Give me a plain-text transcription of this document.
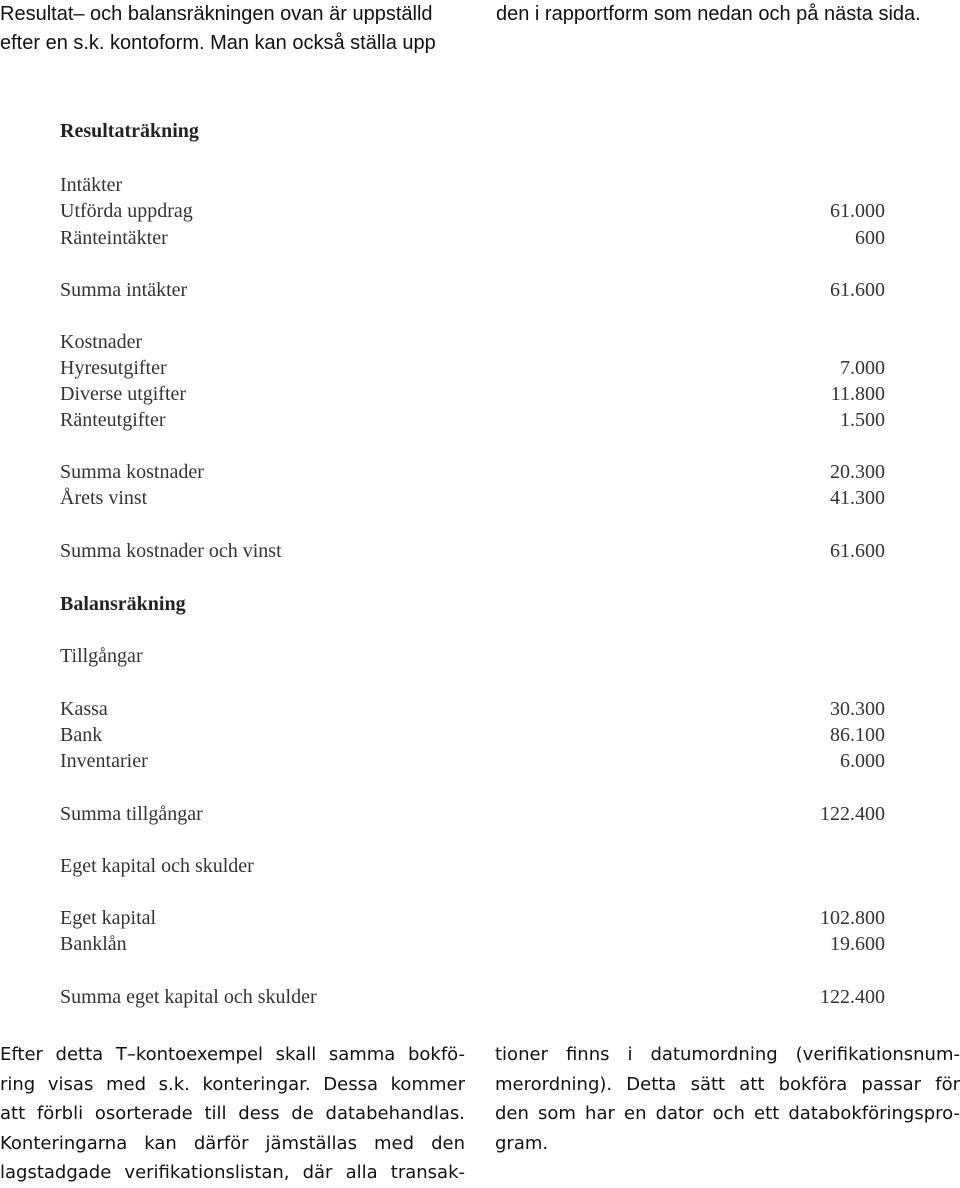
Resultat– och balansräkningen ovan är uppställd
efter en s.k. kontoform. Man kan också ställa upp
den i rapportform som nedan och på nästa sida.
Resultaträkning
Intäkter
Utförda uppdrag	61.000
Ränteintäkter	600
Summa intäkter	61.600
Kostnader
Hyresutgifter	7.000
Diverse utgifter	11.800
Ränteutgifter	1.500
Summa kostnader	20.300
Årets vinst	41.300
Summa kostnader och vinst	61.600
Balansräkning
Tillgångar
Kassa	30.300
Bank	86.100
Inventarier	6.000
Summa tillgångar	122.400
Eget kapital och skulder
Eget kapital	102.800
Banklån	19.600
Summa eget kapital och skulder	122.400
Efter detta T–kontoexempel skall samma bokfö-
ring visas med s.k. konteringar. Dessa kommer
att förbli osorterade till dess de databehandlas.
Konteringarna kan därför jämställas med den
lagstadgade verifikationslistan, där alla transak-
tioner finns i datumordning (verifikationsnum-
merordning). Detta sätt att bokföra passar för
den som har en dator och ett databokföringspro-
gram.
